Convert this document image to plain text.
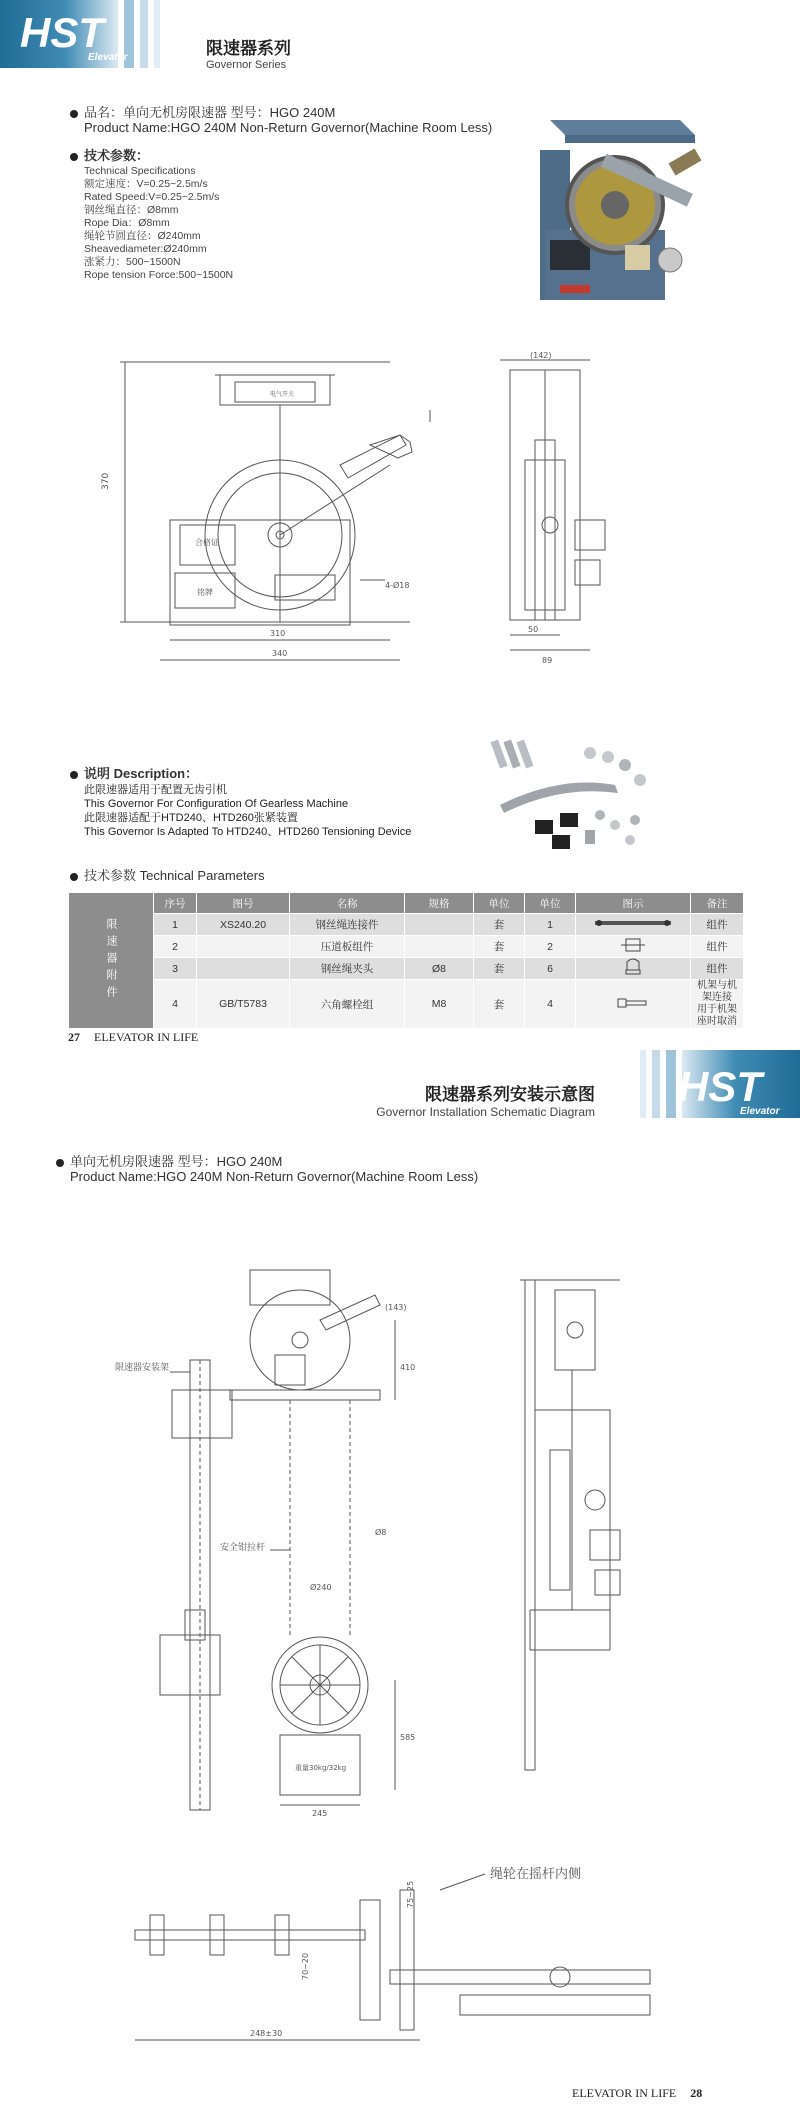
HST
Elevator	限速器系列
Governor Series
品名：单向无机房限速器 型号：HGO 240M
Product Name:HGO 240M Non-Return Governor(Machine Room Less)
技术参数：
Technical Specifications
额定速度：V=0.25~2.5m/s
Rated Speed:V=0.25~2.5m/s
钢丝绳直径：Ø8mm
Rope Dia：Ø8mm
绳轮节圆直径：Ø240mm
Sheavediameter:Ø240mm
涨紧力：500~1500N
Rope tension Force:500~1500N
370
电气开关
合格证
铭牌
4-Ø18
310
340
(142)
50
89
说明 Description：
此限速器适用于配置无齿引机
This Governor For Configuration Of Gearless Machine
此限速器适配于HTD240、HTD260张紧装置
This Governor Is Adapted To HTD240、HTD260 Tensioning Device
技术参数 Technical Parameters
限速器附件	序号	图号	名称	规格	单位	单位	图示	备注
	1	XS240.20	钢丝绳连接件		套	1		组件
	2		压道板组件		套	2		组件
	3		钢丝绳夹头	Ø8	套	6		组件
	4	GB/T5783	六角螺栓组	M8	套	4		机架与机架连接
用于机架座时取消
27 ELEVATOR IN LIFE
限速器系列安装示意图
Governor Installation Schematic Diagram
HST
Elevator
单向无机房限速器 型号：HGO 240M
Product Name:HGO 240M Non-Return Governor(Machine Room Less)
限速器安装架
Ø240
Ø8
安全钳拉杆
重量30kg/32kg
245
585
410
(143)
绳轮在摇杆内侧
75~25
70~20
248±30
ELEVATOR IN LIFE 28
